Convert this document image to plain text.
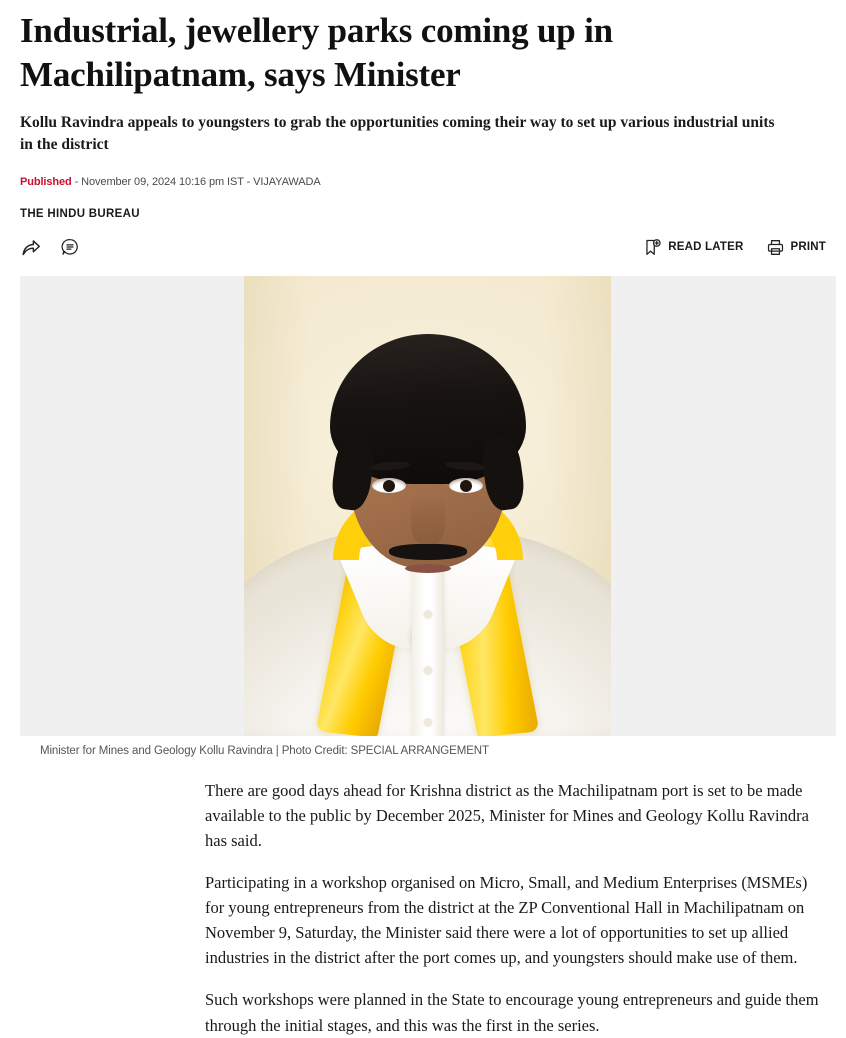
Industrial, jewellery parks coming up in Machilipatnam, says Minister
Kollu Ravindra appeals to youngsters to grab the opportunities coming their way to set up various industrial units in the district
Published - November 09, 2024 10:16 pm IST - VIJAYAWADA
THE HINDU BUREAU
READ LATER	PRINT
Minister for Mines and Geology Kollu Ravindra | Photo Credit: SPECIAL ARRANGEMENT

There are good days ahead for Krishna district as the Machilipatnam port is set to be made available to the public by December 2025, Minister for Mines and Geology Kollu Ravindra has said.

Participating in a workshop organised on Micro, Small, and Medium Enterprises (MSMEs) for young entrepreneurs from the district at the ZP Conventional Hall in Machilipatnam on November 9, Saturday, the Minister said there were a lot of opportunities to set up allied industries in the district after the port comes up, and youngsters should make use of them.

Such workshops were planned in the State to encourage young entrepreneurs and guide them through the initial stages, and this was the first in the series.
